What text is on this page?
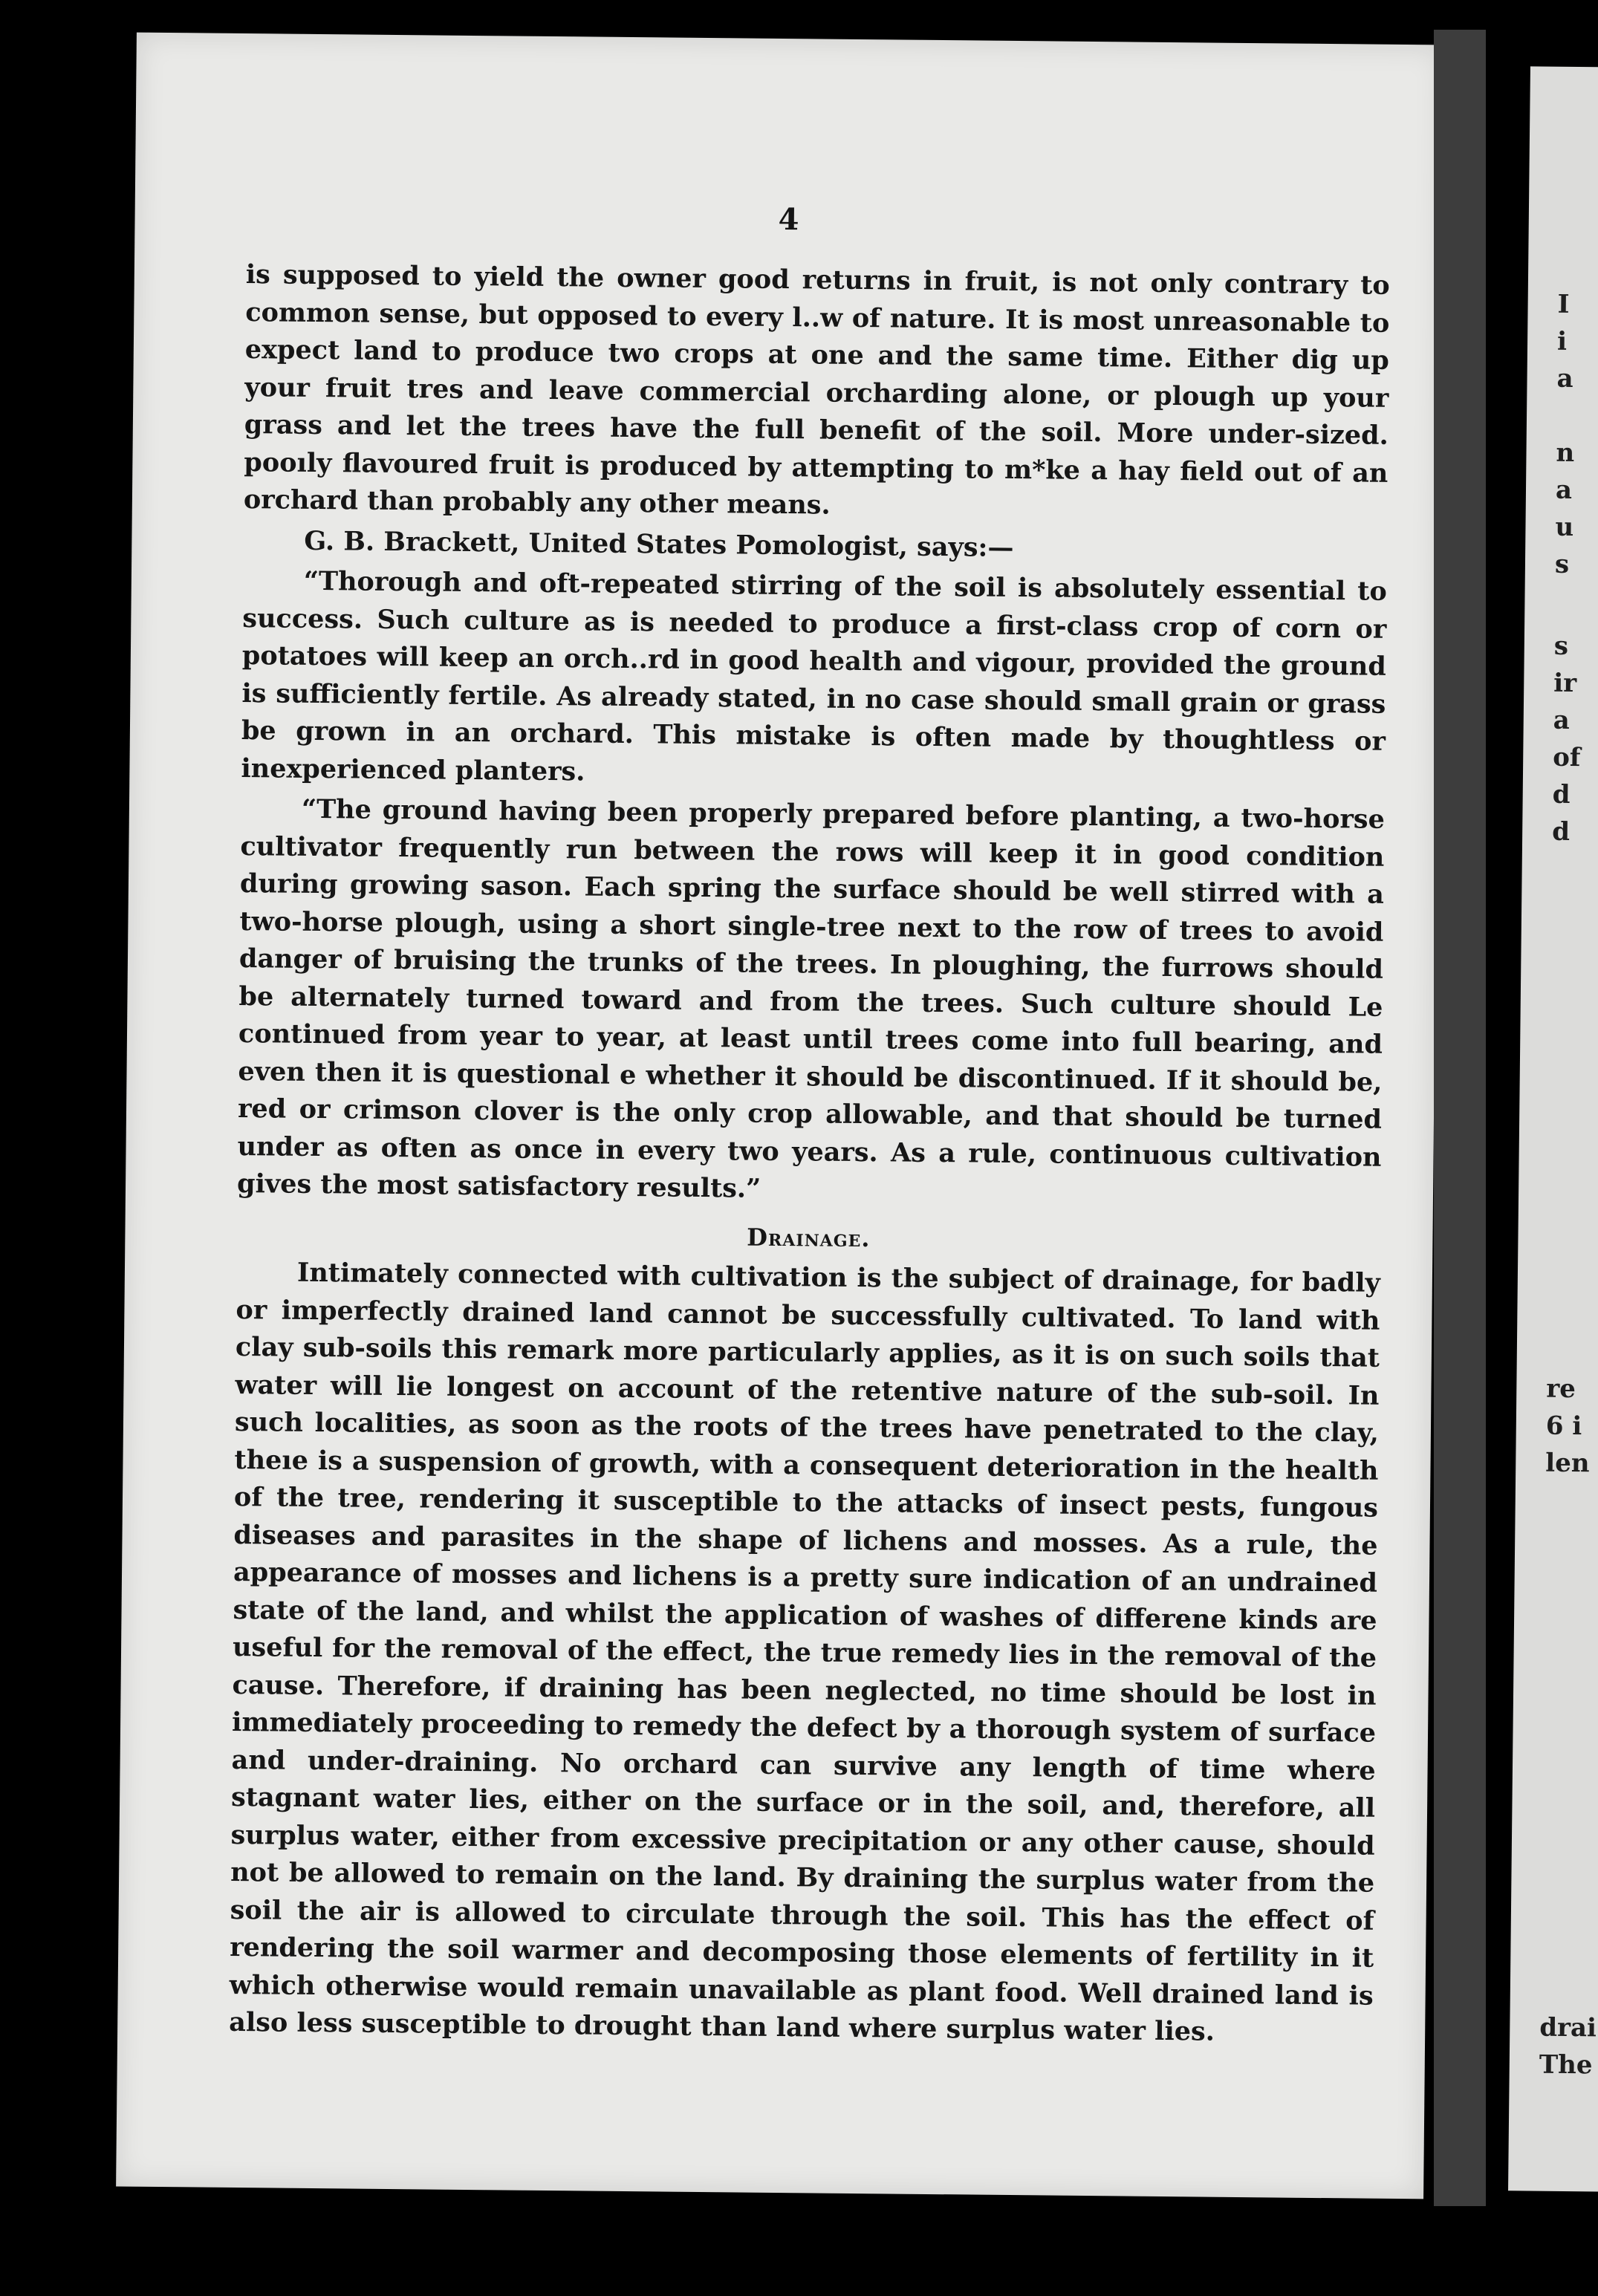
4

is supposed to yield the owner good returns in fruit, is not only contrary to common sense, but opposed to every l..w of nature. It is most unreasonable to expect land to produce two crops at one and the same time. Either dig up your fruit tres and leave commercial orcharding alone, or plough up your grass and let the trees have the full benefit of the soil. More under-sized. pooıly flavoured fruit is produced by attempting to m*ke a hay field out of an orchard than probably any other means.

G. B. Brackett, United States Pomologist, says:—

“Thorough and oft-repeated stirring of the soil is absolutely essential to success. Such culture as is needed to produce a first-class crop of corn or potatoes will keep an orch..rd in good health and vigour, provided the ground is sufficiently fertile. As already stated, in no case should small grain or grass be grown in an orchard. This mistake is often made by thoughtless or inexperienced planters.

“The ground having been properly prepared before planting, a two-horse cultivator frequently run between the rows will keep it in good condition during growing sason. Each spring the surface should be well stirred with a two-horse plough, using a short single-tree next to the row of trees to avoid danger of bruising the trunks of the trees. In ploughing, the furrows should be alternately turned toward and from the trees. Such culture should Le continued from year to year, at least until trees come into full bearing, and even then it is questional e whether it should be discontinued. If it should be, red or crimson clover is the only crop allowable, and that should be turned under as often as once in every two years. As a rule, continuous cultivation gives the most satisfactory results.”

Drainage.

Intimately connected with cultivation is the subject of drainage, for badly or imperfectly drained land cannot be successfully cultivated. To land with clay sub-soils this remark more particularly applies, as it is on such soils that water will lie longest on account of the retentive nature of the sub-soil. In such localities, as soon as the roots of the trees have penetrated to the clay, theıe is a suspension of growth, with a consequent deterioration in the health of the tree, rendering it susceptible to the attacks of insect pests, fungous diseases and parasites in the shape of lichens and mosses. As a rule, the appearance of mosses and lichens is a pretty sure indication of an undrained state of the land, and whilst the application of washes of differene kinds are useful for the removal of the effect, the true remedy lies in the removal of the cause. Therefore, if draining has been neglected, no time should be lost in immediately proceeding to remedy the defect by a thorough system of surface and under-draining. No orchard can survive any length of time where stagnant water lies, either on the surface or in the soil, and, therefore, all surplus water, either from excessive precipitation or any other cause, should not be allowed to remain on the land. By draining the surplus water from the soil the air is allowed to circulate through the soil. This has the effect of rendering the soil warmer and decomposing those elements of fertility in it which otherwise would remain unavailable as plant food. Well drained land is also less susceptible to drought than land where surplus water lies.

I
i
a
n
a
u
s
s
ir
a
of
d
d
re
6 i
len
drai
The
